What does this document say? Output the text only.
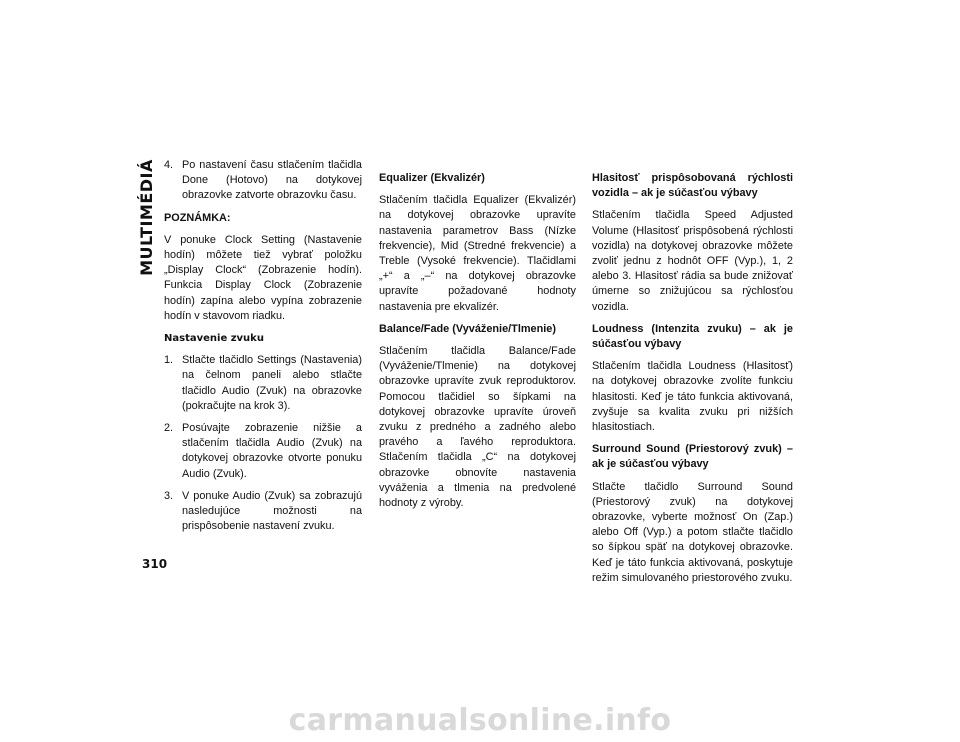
MULTIMÉDIÁ 4. Po nastavení času stlačením tlačidla Done (Hotovo) na dotykovej obrazovke zatvorte obrazovku času.

POZNÁMKA:

V ponuke Clock Setting (Nastavenie hodín) môžete tiež vybrať položku „Display Clock“ (Zobrazenie hodín). Funkcia Display Clock (Zobrazenie hodín) zapína alebo vypína zobrazenie hodín v stavovom riadku.

Nastavenie zvuku

1. Stlačte tlačidlo Settings (Nastavenia) na čelnom paneli alebo stlačte tlačidlo Audio (Zvuk) na obrazovke (pokračujte na krok 3).
2. Posúvajte zobrazenie nižšie a stlačením tlačidla Audio (Zvuk) na dotykovej obrazovke otvorte ponuku Audio (Zvuk).
3. V ponuke Audio (Zvuk) sa zobrazujú nasledujúce možnosti na prispôsobenie nastavení zvuku.

Equalizer (Ekvalizér)

Stlačením tlačidla Equalizer (Ekvalizér) na dotykovej obrazovke upravíte nastavenia parametrov Bass (Nízke frekvencie), Mid (Stredné frekvencie) a Treble (Vysoké frekvencie). Tlačidlami „+“ a „–“ na dotykovej obrazovke upravíte požadované hodnoty nastavenia pre ekvalizér.

Balance/Fade (Vyváženie/Tlmenie)

Stlačením tlačidla Balance/Fade (Vyváženie/Tlmenie) na dotykovej obrazovke upravíte zvuk reproduktorov. Pomocou tlačidiel so šípkami na dotykovej obrazovke upravíte úroveň zvuku z predného a zadného alebo pravého a ľavého reproduktora. Stlačením tlačidla „C“ na dotykovej obrazovke obnovíte nastavenia vyváženia a tlmenia na predvolené hodnoty z výroby.

Hlasitosť prispôsobovaná rýchlosti vozidla – ak je súčasťou výbavy

Stlačením tlačidla Speed Adjusted Volume (Hlasitosť prispôsobená rýchlosti vozidla) na dotykovej obrazovke môžete zvoliť jednu z hodnôt OFF (Vyp.), 1, 2 alebo 3. Hlasitosť rádia sa bude znižovať úmerne so znižujúcou sa rýchlosťou vozidla.

Loudness (Intenzita zvuku) – ak je súčasťou výbavy

Stlačením tlačidla Loudness (Hlasitosť) na dotykovej obrazovke zvolíte funkciu hlasitosti. Keď je táto funkcia aktivovaná, zvyšuje sa kvalita zvuku pri nižších hlasitostiach.

Surround Sound (Priestorový zvuk) – ak je súčasťou výbavy

Stlačte tlačidlo Surround Sound (Priestorový zvuk) na dotykovej obrazovke, vyberte možnosť On (Zap.) alebo Off (Vyp.) a potom stlačte tlačidlo so šípkou späť na dotykovej obrazovke. Keď je táto funkcia aktivovaná, poskytuje režim simulovaného priestorového zvuku.

310
carmanualsonline.info
